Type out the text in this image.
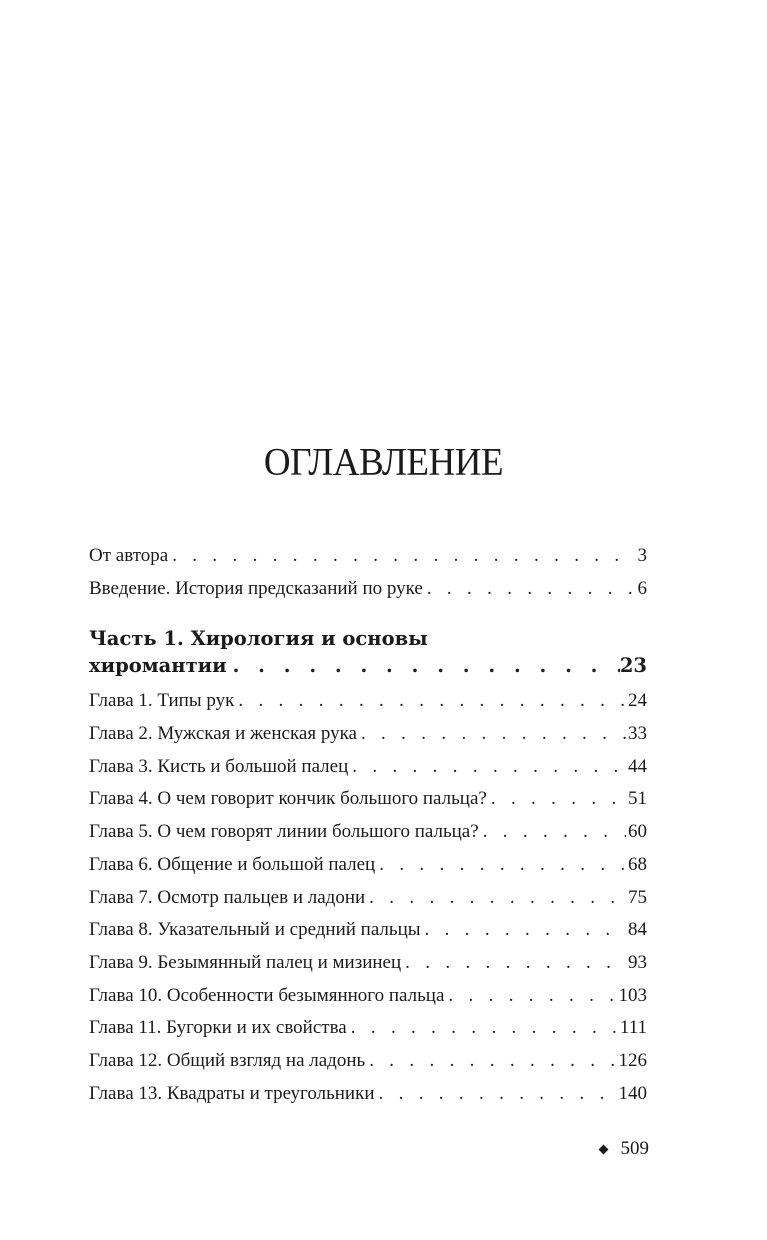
ОГЛАВЛЕНИЕ
От автора . . .	3
Введение. История предсказаний по руке . . .	6
Часть 1. Хирология и основы
хиромантии . . .	23
Глава 1. Типы рук . . .	24
Глава 2. Мужская и женская рука . . .	33
Глава 3. Кисть и большой палец . . .	44
Глава 4. О чем говорит кончик большого пальца? . . .	51
Глава 5. О чем говорят линии большого пальца? . . .	60
Глава 6. Общение и большой палец . . .	68
Глава 7. Осмотр пальцев и ладони . . .	75
Глава 8. Указательный и средний пальцы . . .	84
Глава 9. Безымянный палец и мизинец . . .	93
Глава 10. Особенности безымянного пальца . . .	103
Глава 11. Бугорки и их свойства . . .	111
Глава 12. Общий взгляд на ладонь . . .	126
Глава 13. Квадраты и треугольники . . .	140
509
